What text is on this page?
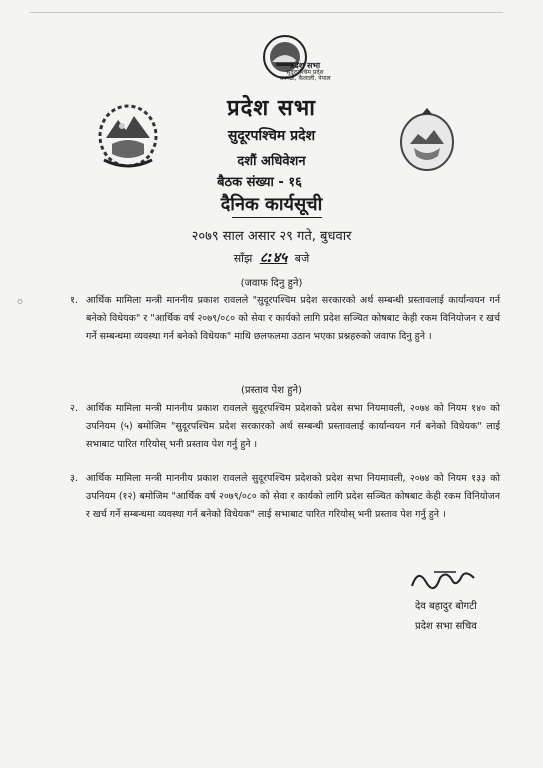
प्रदेश सभा
सुदूरपश्चिम प्रदेश
धनगढी, कैलाली, नेपाल
प्रदेश सभा
सुदूरपश्चिम प्रदेश
दशौं अधिवेशन
बैठक संख्या - १६
दैनिक कार्यसूची
२०७९ साल असार २९ गते, बुधवार
साँझ ८:४५ बजे
°
(जवाफ दिनु हुने)
१. आर्थिक मामिला मन्त्री माननीय प्रकाश रावलले "सुदूरपश्चिम प्रदेश सरकारको अर्थ सम्बन्धी प्रस्तावलाई कार्यान्वयन गर्न बनेको विधेयक" र "आर्थिक वर्ष २०७९/०८० को सेवा र कार्यको लागि प्रदेश सञ्चित कोषबाट केही रकम विनियोजन र खर्च गर्ने सम्बन्धमा व्यवस्था गर्न बनेको विधेयक" माथि छलफलमा उठान भएका प्रश्नहरुको जवाफ दिनु हुने ।
(प्रस्ताव पेश हुने)
२. आर्थिक मामिला मन्त्री माननीय प्रकाश रावलले सुदूरपश्चिम प्रदेशको प्रदेश सभा नियमावली, २०७४ को नियम १४० को उपनियम (५) बमोजिम "सुदूरपश्चिम प्रदेश सरकारको अर्थ सम्बन्धी प्रस्तावलाई कार्यान्वयन गर्न बनेको विधेयक" लाई सभाबाट पारित गरियोस् भनी प्रस्ताव पेश गर्नु हुने ।
३. आर्थिक मामिला मन्त्री माननीय प्रकाश रावलले सुदूरपश्चिम प्रदेशको प्रदेश सभा नियमावली, २०७४ को नियम १३३ को उपनियम (१२) बमोजिम "आर्थिक वर्ष २०७९/०८० को सेवा र कार्यको लागि प्रदेश सञ्चित कोषबाट केही रकम विनियोजन र खर्च गर्ने सम्बन्धमा व्यवस्था गर्न बनेको विधेयक" लाई सभाबाट पारित गरियोस् भनी प्रस्ताव पेश गर्नु हुने ।
देव बहादुर बोगटी
प्रदेश सभा सचिव
